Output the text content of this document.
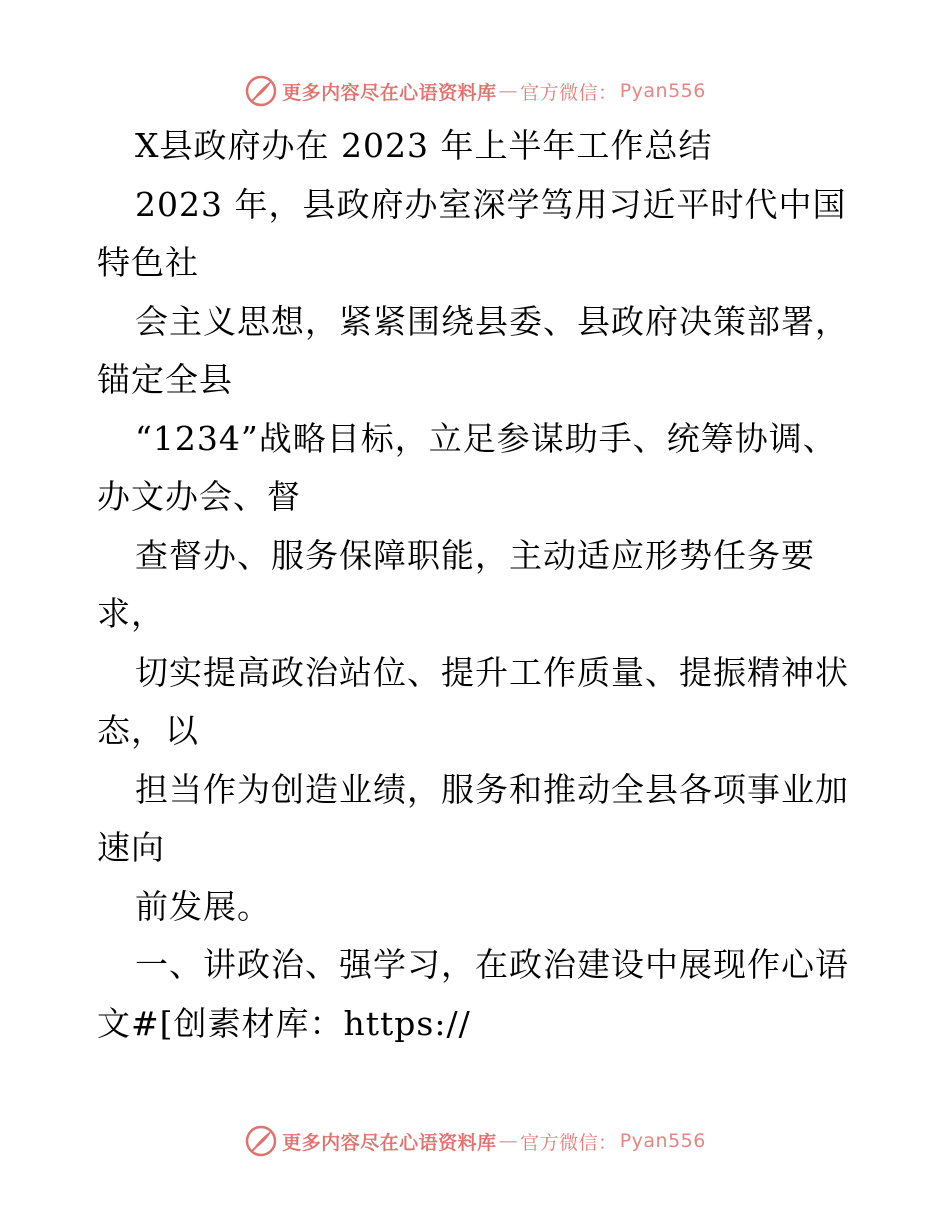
更多内容尽在心语资料库 — 官方微信： Pyan556
X县政府办在 2023 年上半年工作总结
2023 年，县政府办室深学笃用习近平时代中国
特色社
会主义思想，紧紧围绕县委、县政府决策部署，
锚定全县
“1234”战略目标，立足参谋助手、统筹协调、
办文办会、督
查督办、服务保障职能，主动适应形势任务要
求，
切实提高政治站位、提升工作质量、提振精神状
态，以
担当作为创造业绩，服务和推动全县各项事业加
速向
前发展。
一、讲政治、强学习，在政治建设中展现作心语
文#[创素材库：https://
更多内容尽在心语资料库 — 官方微信： Pyan556
